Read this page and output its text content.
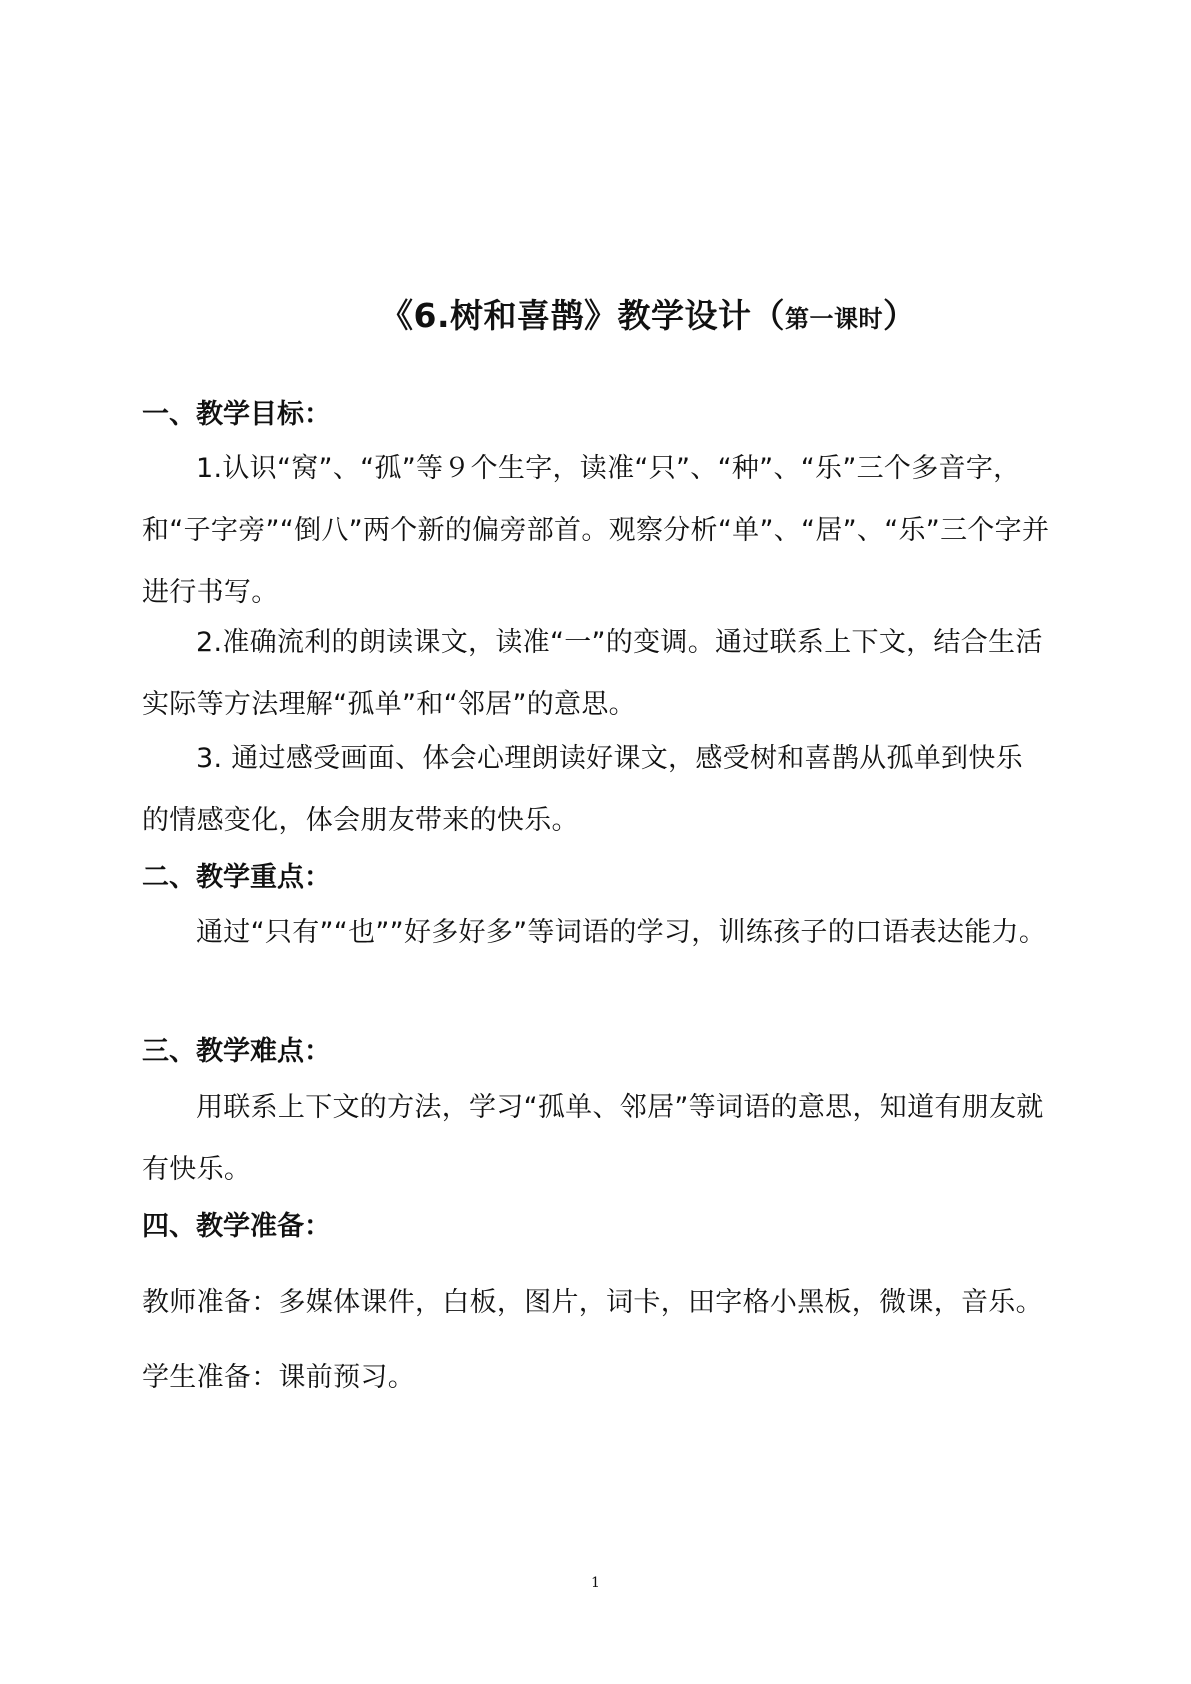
《6.树和喜鹊》教学设计（第一课时）
一、教学目标：
1.认识“窝”、“孤”等９个生字，读准“只”、“种”、“乐”三个多音字，和“子字旁”“倒八”两个新的偏旁部首。观察分析“单”、“居”、“乐”三个字并进行书写。
2.准确流利的朗读课文，读准“一”的变调。通过联系上下文，结合生活实际等方法理解“孤单”和“邻居”的意思。
3. 通过感受画面、体会心理朗读好课文，感受树和喜鹊从孤单到快乐的情感变化，体会朋友带来的快乐。
二、教学重点：
通过“只有”“也””好多好多”等词语的学习，训练孩子的口语表达能力。
三、教学难点：
用联系上下文的方法，学习“孤单、邻居”等词语的意思，知道有朋友就有快乐。
四、教学准备：
教师准备：多媒体课件，白板，图片，词卡，田字格小黑板，微课，音乐。
学生准备：课前预习。
1
